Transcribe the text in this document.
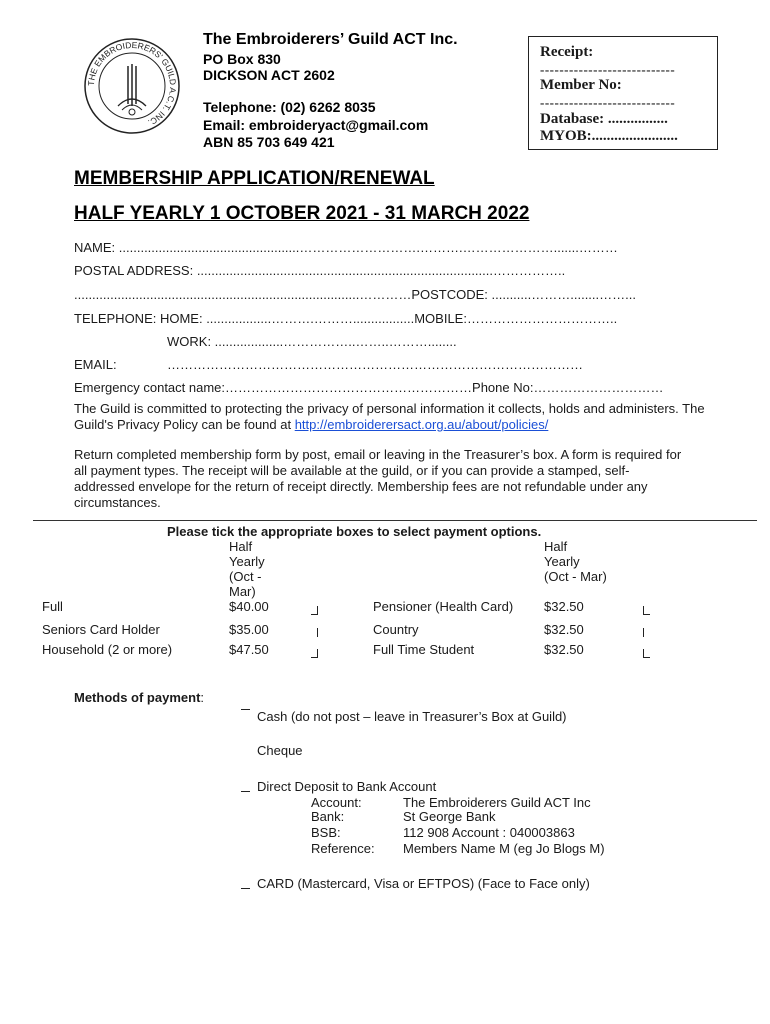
THE EMBROIDERERS' GUILD A.C.T. INC.
The Embroiderers’ Guild ACT Inc.
PO Box 830
DICKSON ACT 2602
Telephone: (02) 6262 8035
Email: embroideryact@gmail.com
ABN 85 703 649 421
Receipt:
----------------------------
Member No:
----------------------------
Database: ................
MYOB:.......................
MEMBERSHIP APPLICATION/RENEWAL
HALF YEARLY 1 OCTOBER 2021 - 31 MARCH 2022
NAME: ..................................................……………………….……….………………….......………
POSTAL ADDRESS: ..................................................................................……………..
...............................................................................…………POSTCODE: ...........………........……...
TELEPHONE: HOME: ..................……….……….................MOBILE:……………………………..
WORK: ...................……………..……..………........
EMAIL:	……………………………………………………………………………………
Emergency contact name:…………………………………………………Phone No:…………………………
The Guild is committed to protecting the privacy of personal information it collects, holds and administers. The Guild's Privacy Policy can be found at http://embroiderersact.org.au/about/policies/
Return completed membership form by post, email or leaving in the Treasurer’s box. A form is required for all payment types. The receipt will be available at the guild, or if you can provide a stamped, self-addressed envelope for the return of receipt directly. Membership fees are not refundable under any circumstances.
Please tick the appropriate boxes to select payment options.
Half
Yearly
(Oct -
Mar)
Half
Yearly
(Oct - Mar)
Full	$40.00	Pensioner (Health Card) $32.50
Seniors Card Holder	$35.00	Country	$32.50
Household (2 or more)	$47.50	Full Time Student	$32.50
Methods of payment:
Cash (do not post – leave in Treasurer’s Box at Guild)
Cheque
Direct Deposit to Bank Account
Account:	The Embroiderers Guild ACT Inc
Bank:	St George Bank
BSB:	112 908 Account : 040003863
Reference: Members Name M (eg Jo Blogs M)
CARD (Mastercard, Visa or EFTPOS) (Face to Face only)
